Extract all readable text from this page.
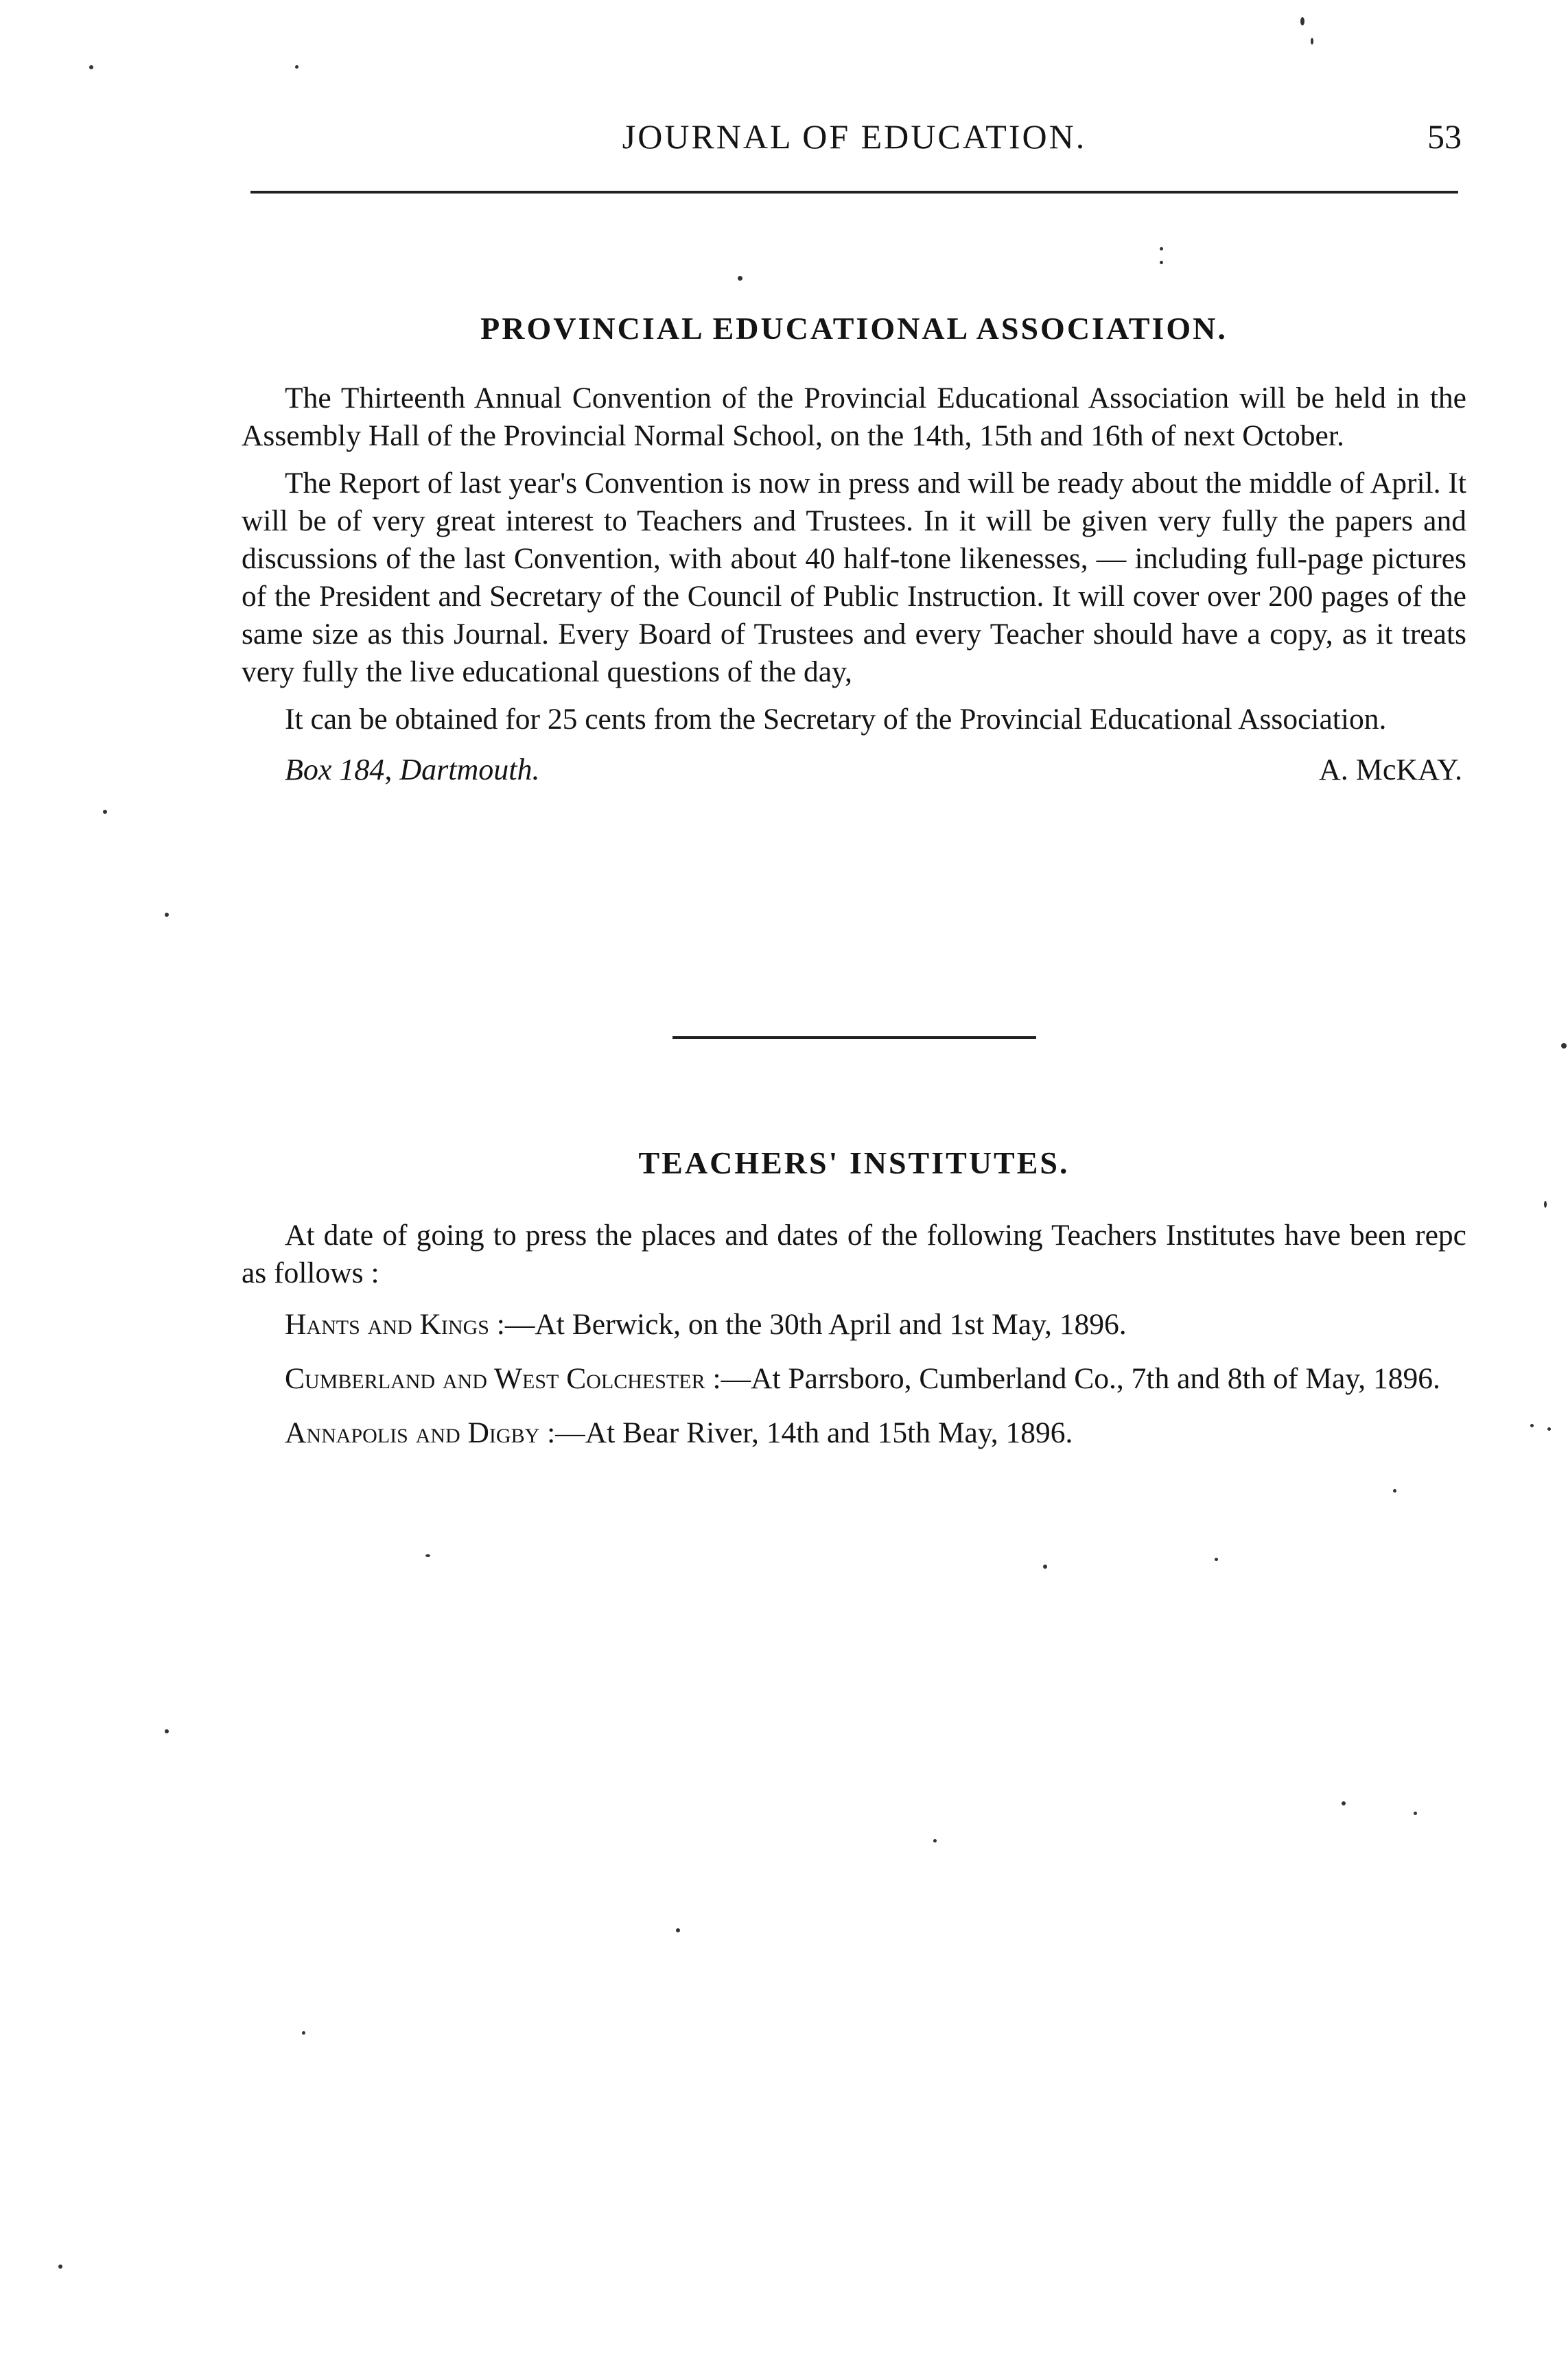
JOURNAL OF EDUCATION.	53
PROVINCIAL EDUCATIONAL ASSOCIATION.

The Thirteenth Annual Convention of the Provincial Educational Association will be held in the Assembly Hall of the Provincial Normal School, on the 14th, 15th and 16th of next October.

The Report of last year's Convention is now in press and will be ready about the middle of April. It will be of very great interest to Teachers and Trustees. In it will be given very fully the papers and discussions of the last Convention, with about 40 half-tone likenesses, — including full-page pictures of the President and Secretary of the Council of Public Instruction. It will cover over 200 pages of the same size as this Journal. Every Board of Trustees and every Teacher should have a copy, as it treats very fully the live educational questions of the day,

It can be obtained for 25 cents from the Secretary of the Provincial Educational Association.

Box 184, Dartmouth.	A. McKAY.
TEACHERS' INSTITUTES.

At date of going to press the places and dates of the following Teachers Institutes have been repc as follows :

Hants and Kings :—At Berwick, on the 30th April and 1st May, 1896.

Cumberland and West Colchester :—At Parrsboro, Cumberland Co., 7th and 8th of May, 1896.

Annapolis and Digby :—At Bear River, 14th and 15th May, 1896.
